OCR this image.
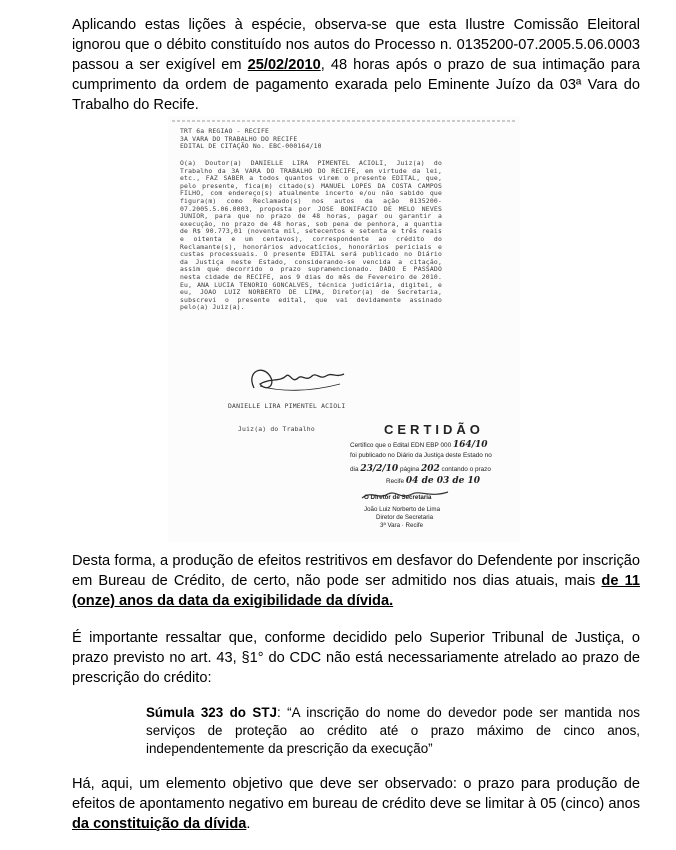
Aplicando estas lições à espécie, observa-se que esta Ilustre Comissão Eleitoral ignorou que o débito constituído nos autos do Processo n. 0135200-07.2005.5.06.0003 passou a ser exigível em 25/02/2010, 48 horas após o prazo de sua intimação para cumprimento da ordem de pagamento exarada pelo Eminente Juízo da 03ª Vara do Trabalho do Recife.

TRT 6a REGIAO - RECIFE
3A VARA DO TRABALHO DO RECIFE
EDITAL DE CITAÇÃO No. EBC-000164/10

O(a) Doutor(a) DANIELLE LIRA PIMENTEL ACIOLI, Juiz(a) do Trabalho da 3A VARA DO TRABALHO DO RECIFE, em virtude da lei, etc., FAZ SABER a todos quantos virem o presente EDITAL, que, pelo presente, fica(m) citado(s) MANUEL LOPES DA COSTA CAMPOS FILHO, com endereço(s) atualmente incerto e/ou não sabido que figura(m) como Reclamado(s) nos autos da ação 0135200-07.2005.5.06.0003, proposta por JOSE BONIFACIO DE MELO NEVES JUNIOR, para que no prazo de 48 horas, pagar ou garantir a execução, no prazo de 48 horas, sob pena de penhora, a quantia de R$ 90.773,01 (noventa mil, setecentos e setenta e três reais e oitenta e um centavos), correspondente ao crédito do Reclamante(s), honorários advocatícios, honorários periciais e custas processuais. O presente EDITAL será publicado no Diário da Justiça neste Estado, considerando-se vencida a citação, assim que decorrido o prazo supramencionado. DADO E PASSADO nesta cidade de RECIFE, aos 9 dias do mês de Fevereiro de 2010. Eu, ANA LUCIA TENORIO GONCALVES, técnica judiciária, digitei, e eu, JOAO LUIZ NORBERTO DE LIMA, Diretor(a) de Secretaria, subscrevi o presente edital, que vai devidamente assinado pelo(a) Juiz(a).

DANIELLE LIRA PIMENTEL ACIOLI

Juiz(a) do Trabalho

	CERTIDÃO
Certifico que o Edital EDN EBP 000 164/10
foi publicado no Diário da Justiça deste Estado no
dia 23/2/10 página 202 contando o prazo
Recife 04 de 03 de 10
O Diretor de Secretaria
João Luiz Norberto de Lima
Diretor de Secretaria
3ª Vara · Recife

Desta forma, a produção de efeitos restritivos em desfavor do Defendente por inscrição em Bureau de Crédito, de certo, não pode ser admitido nos dias atuais, mais de 11 (onze) anos da data da exigibilidade da dívida.

É importante ressaltar que, conforme decidido pelo Superior Tribunal de Justiça, o prazo previsto no art. 43, §1° do CDC não está necessariamente atrelado ao prazo de prescrição do crédito:

Súmula 323 do STJ: “A inscrição do nome do devedor pode ser mantida nos serviços de proteção ao crédito até o prazo máximo de cinco anos, independentemente da prescrição da execução”

Há, aqui, um elemento objetivo que deve ser observado: o prazo para produção de efeitos de apontamento negativo em bureau de crédito deve se limitar à 05 (cinco) anos da constituição da dívida.
